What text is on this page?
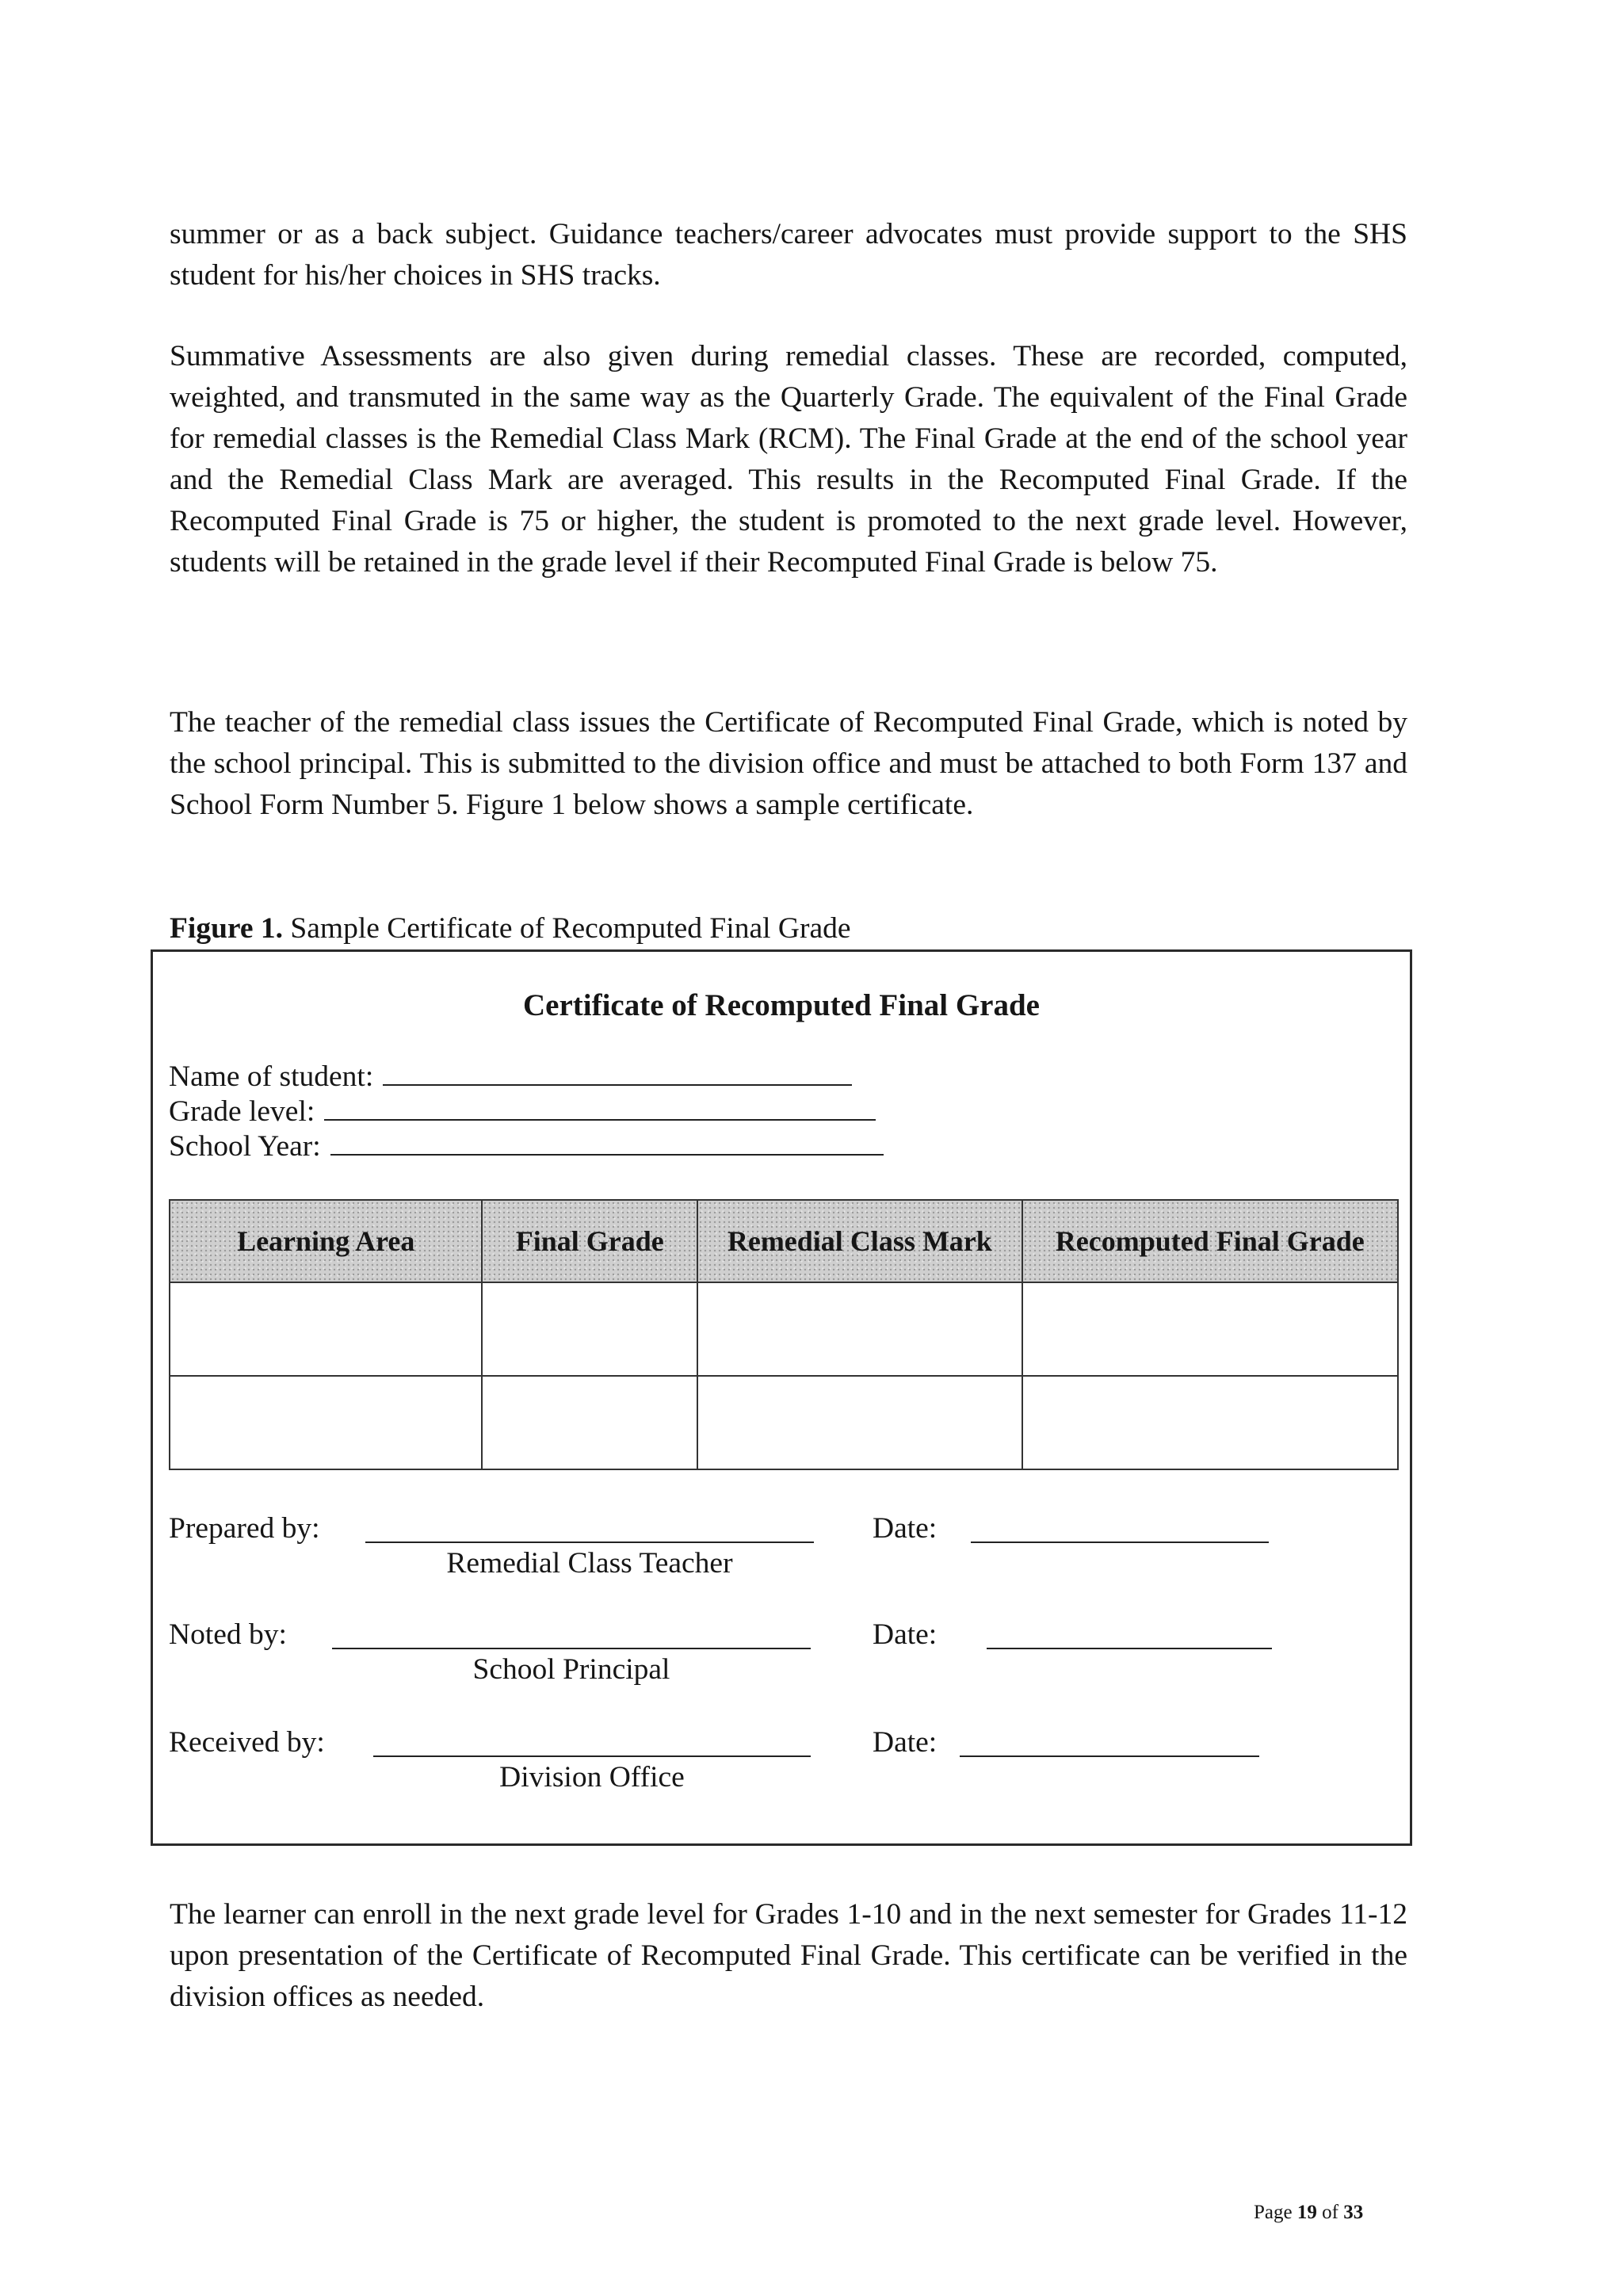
summer or as a back subject. Guidance teachers/career advocates must provide support to the SHS student for his/her choices in SHS tracks.

Summative Assessments are also given during remedial classes. These are recorded, computed, weighted, and transmuted in the same way as the Quarterly Grade. The equivalent of the Final Grade for remedial classes is the Remedial Class Mark (RCM). The Final Grade at the end of the school year and the Remedial Class Mark are averaged. This results in the Recomputed Final Grade. If the Recomputed Final Grade is 75 or higher, the student is promoted to the next grade level. However, students will be retained in the grade level if their Recomputed Final Grade is below 75.

The teacher of the remedial class issues the Certificate of Recomputed Final Grade, which is noted by the school principal. This is submitted to the division office and must be attached to both Form 137 and School Form Number 5. Figure 1 below shows a sample certificate.

Figure 1. Sample Certificate of Recomputed Final Grade
Certificate of Recomputed Final Grade
Name of student:
Grade level:
School Year:
Learning Area	Final Grade	Remedial Class Mark	Recomputed Final Grade

Prepared by:
Remedial Class Teacher
Date:
Noted by:
School Principal
Date:
Received by:
Division Office
Date:

The learner can enroll in the next grade level for Grades 1-10 and in the next semester for Grades 11-12 upon presentation of the Certificate of Recomputed Final Grade. This certificate can be verified in the division offices as needed.

Page 19 of 33
